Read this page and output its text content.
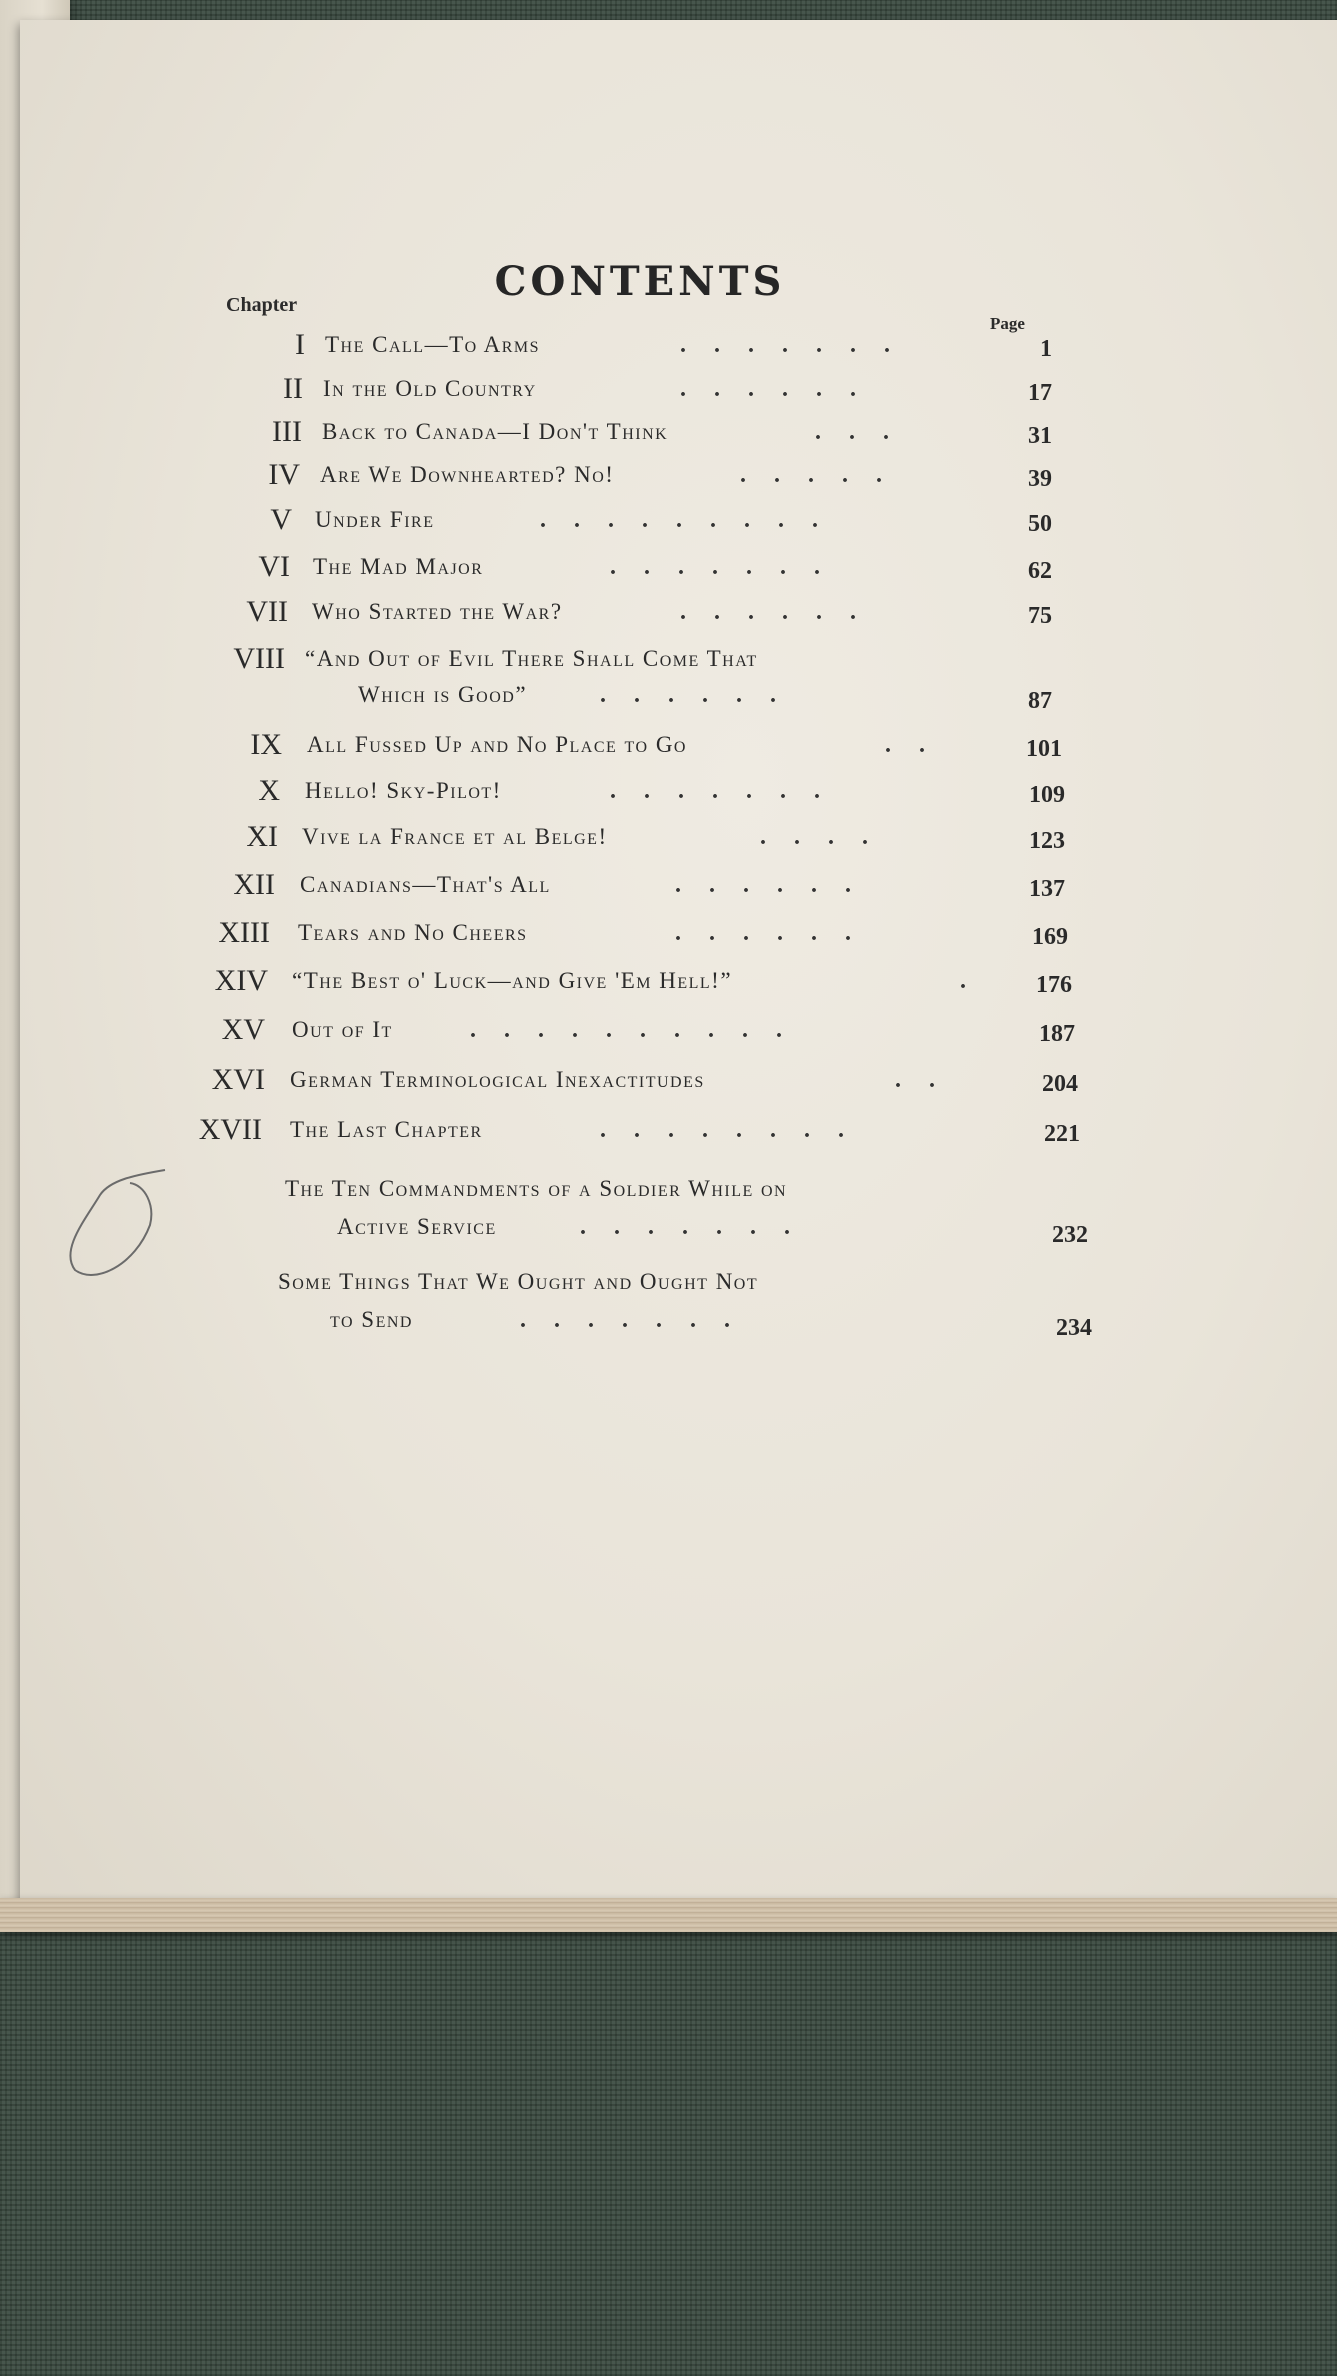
CONTENTS
Chapter
Page
I The Call—To Arms	.......	1
II In the Old Country	......	17
III Back to Canada—I Don't Think	...	31
IV Are We Downhearted? No!	.....	39
V Under Fire	.........	50
VI The Mad Major	.......	62
VII Who Started the War?	......	75
VIII “And Out of Evil There Shall Come That
Which is Good”	......	87
IX All Fussed Up and No Place to Go	..	101
X Hello! Sky-Pilot!	.......	109
XI Vive la France et al Belge!	....	123
XII Canadians—That's All	......	137
XIII Tears and No Cheers	......	169
XIV “The Best o' Luck—and Give 'Em Hell!”	.	176
XV Out of It	..........	187
XVI German Terminological Inexactitudes	..	204
XVII The Last Chapter	........	221
The Ten Commandments of a Soldier While on
Active Service	.......	232
Some Things That We Ought and Ought Not
to Send	.......	234
